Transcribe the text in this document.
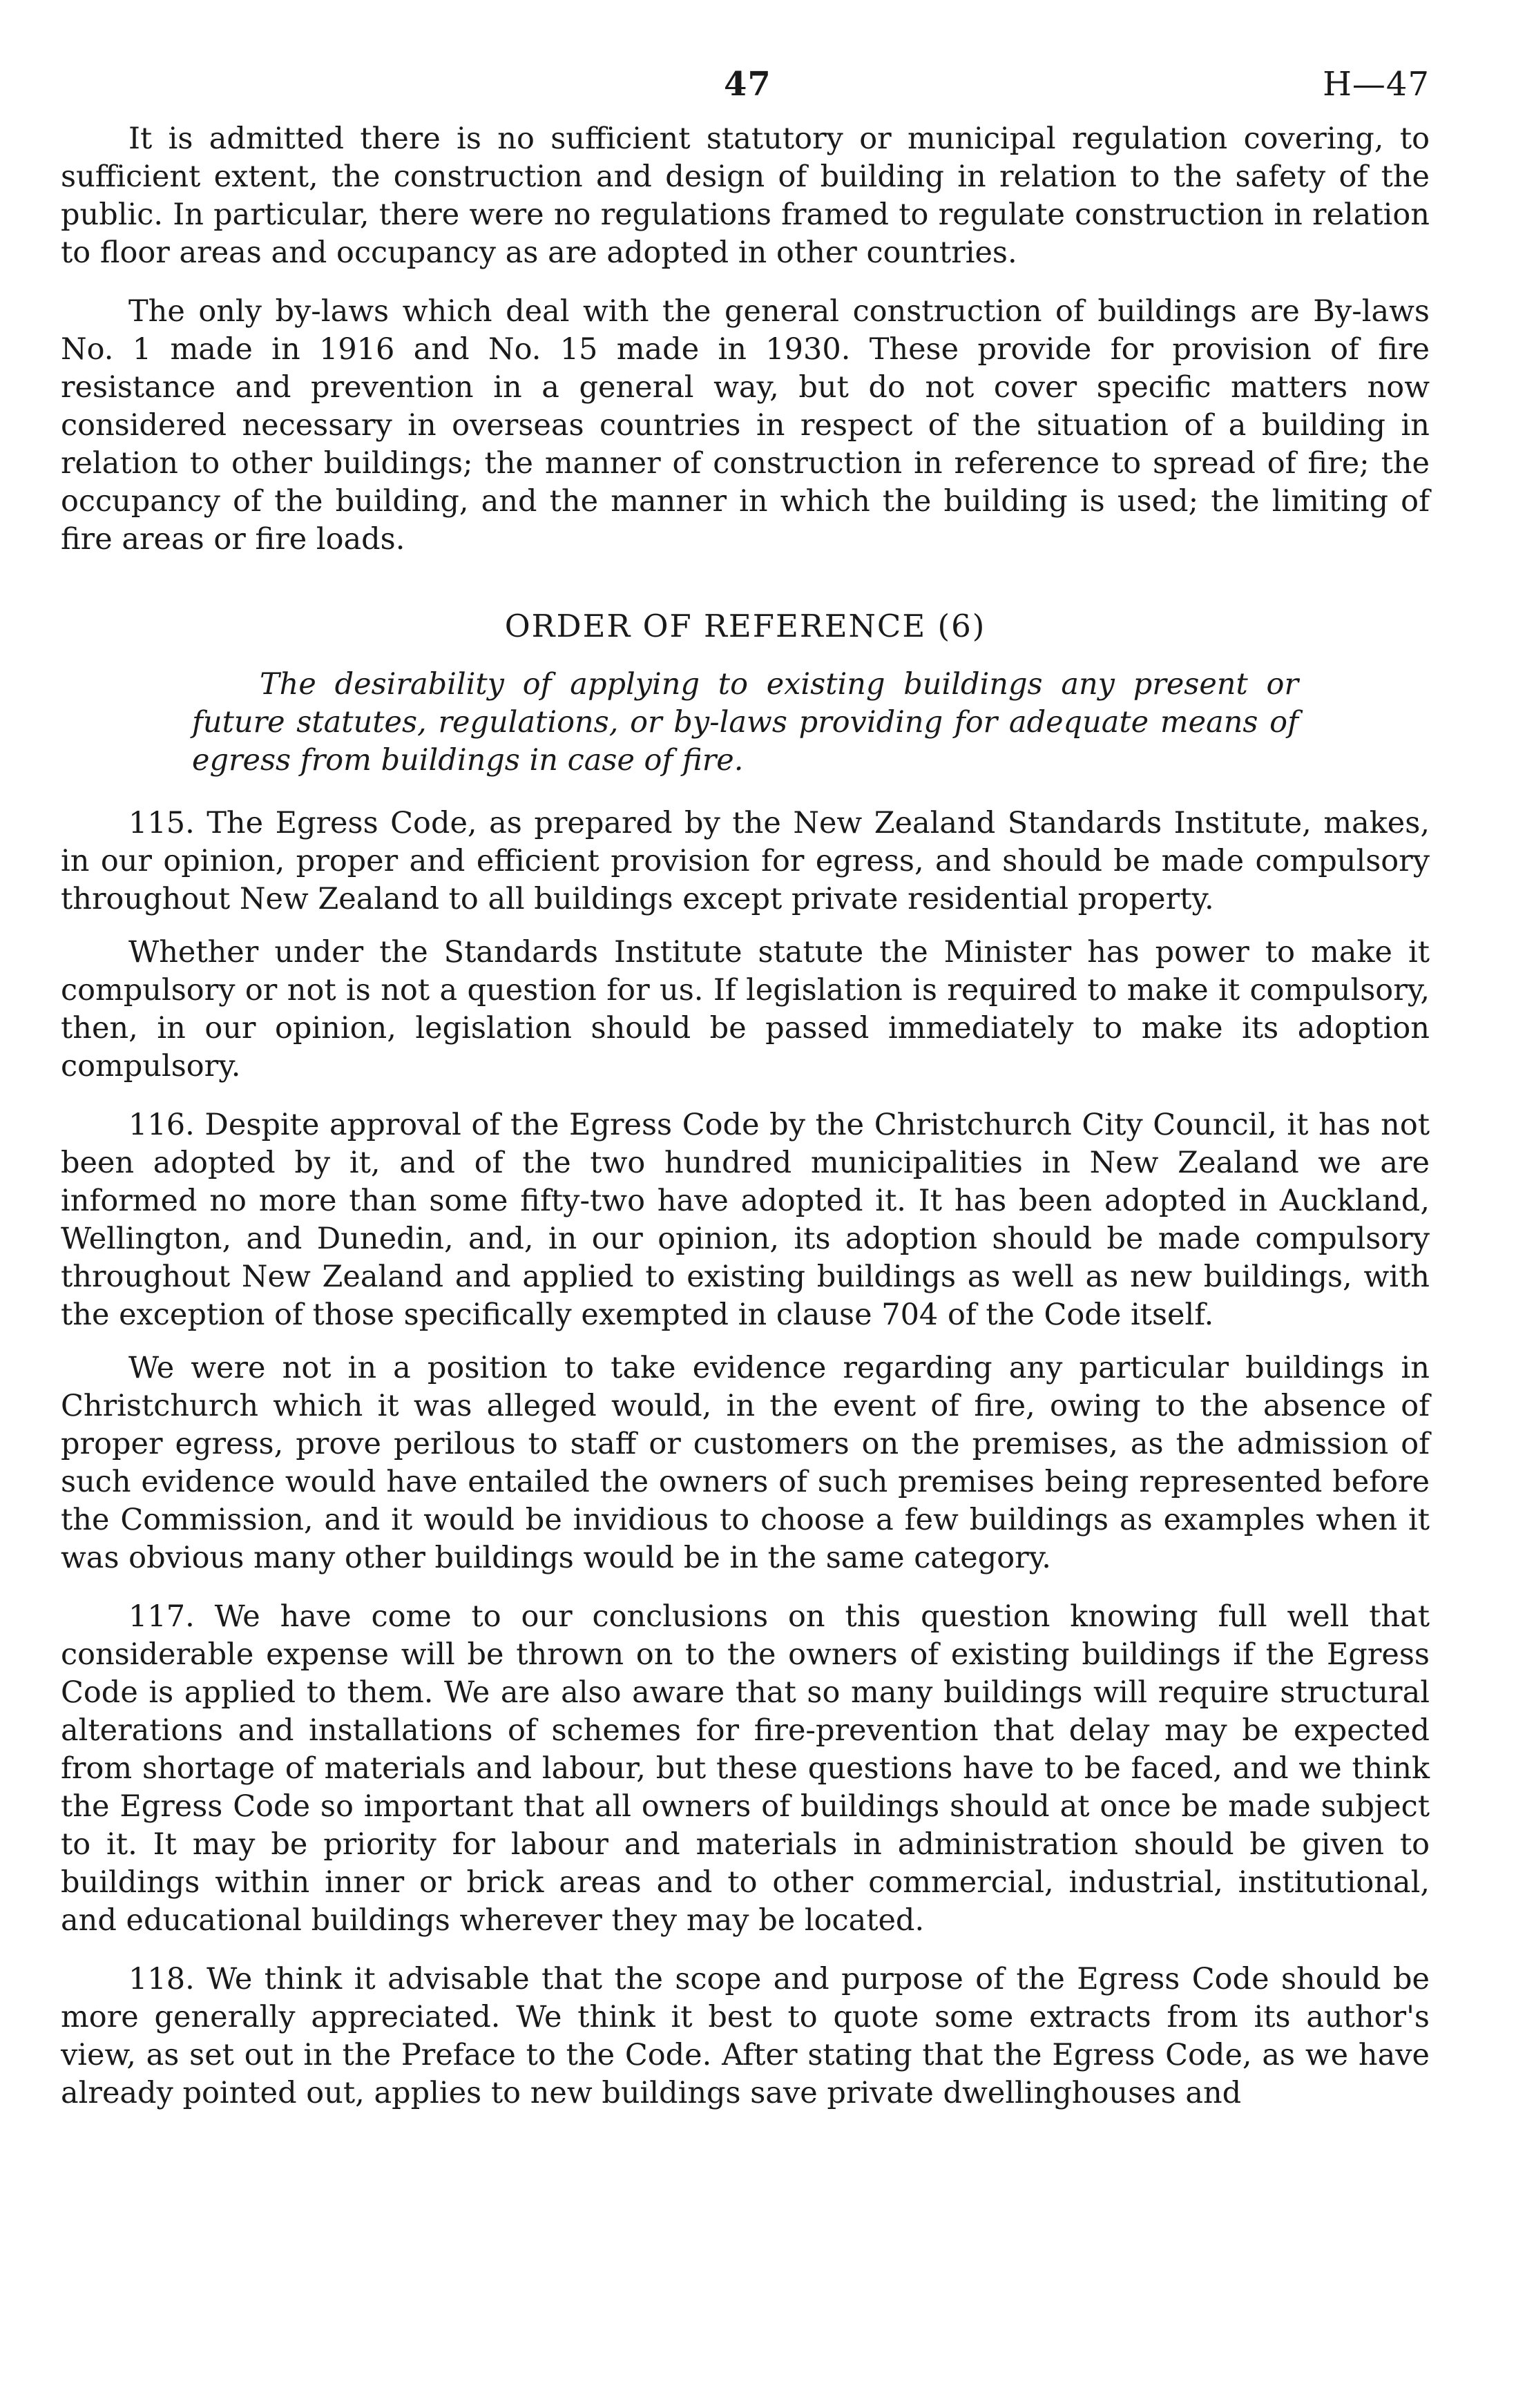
47	H—47

It is admitted there is no sufficient statutory or municipal regulation covering, to sufficient extent, the construction and design of building in relation to the safety of the public. In particular, there were no regulations framed to regulate construction in relation to floor areas and occupancy as are adopted in other countries.

The only by-laws which deal with the general construction of buildings are By-laws No. 1 made in 1916 and No. 15 made in 1930. These provide for provision of fire resistance and prevention in a general way, but do not cover specific matters now considered necessary in overseas countries in respect of the situation of a building in relation to other buildings; the manner of construction in reference to spread of fire; the occupancy of the building, and the manner in which the building is used; the limiting of fire areas or fire loads.

ORDER OF REFERENCE (6)
The desirability of applying to existing buildings any present or future statutes, regulations, or by-laws providing for adequate means of egress from buildings in case of fire.

115. The Egress Code, as prepared by the New Zealand Standards Institute, makes, in our opinion, proper and efficient provision for egress, and should be made compulsory throughout New Zealand to all buildings except private residential property.

Whether under the Standards Institute statute the Minister has power to make it compulsory or not is not a question for us. If legislation is required to make it compulsory, then, in our opinion, legislation should be passed immediately to make its adoption compulsory.

116. Despite approval of the Egress Code by the Christchurch City Council, it has not been adopted by it, and of the two hundred municipalities in New Zealand we are informed no more than some fifty-two have adopted it. It has been adopted in Auckland, Wellington, and Dunedin, and, in our opinion, its adoption should be made compulsory throughout New Zealand and applied to existing buildings as well as new buildings, with the exception of those specifically exempted in clause 704 of the Code itself.

We were not in a position to take evidence regarding any particular buildings in Christchurch which it was alleged would, in the event of fire, owing to the absence of proper egress, prove perilous to staff or customers on the premises, as the admission of such evidence would have entailed the owners of such premises being represented before the Commission, and it would be invidious to choose a few buildings as examples when it was obvious many other buildings would be in the same category.

117. We have come to our conclusions on this question knowing full well that considerable expense will be thrown on to the owners of existing buildings if the Egress Code is applied to them. We are also aware that so many buildings will require structural alterations and installations of schemes for fire-prevention that delay may be expected from shortage of materials and labour, but these questions have to be faced, and we think the Egress Code so important that all owners of buildings should at once be made subject to it. It may be priority for labour and materials in administration should be given to buildings within inner or brick areas and to other commercial, industrial, institutional, and educational buildings wherever they may be located.

118. We think it advisable that the scope and purpose of the Egress Code should be more generally appreciated. We think it best to quote some extracts from its author's view, as set out in the Preface to the Code. After stating that the Egress Code, as we have already pointed out, applies to new buildings save private dwellinghouses and
